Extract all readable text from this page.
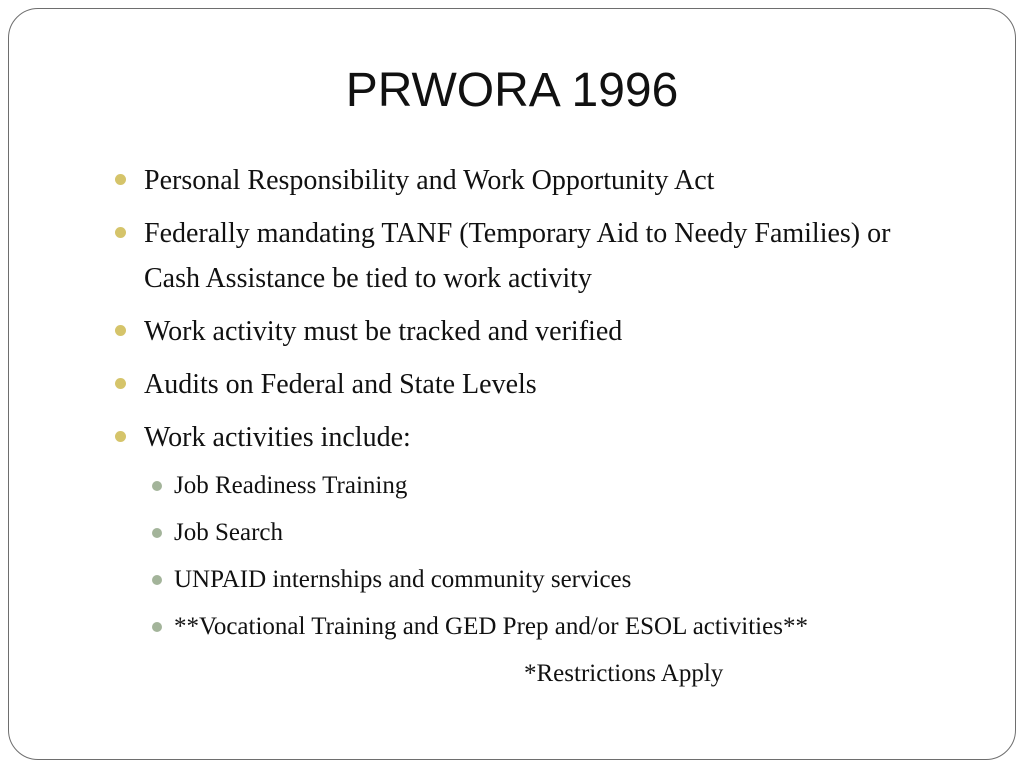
PRWORA 1996
Personal Responsibility and Work Opportunity Act
Federally mandating TANF (Temporary Aid to Needy Families) or Cash Assistance be tied to work activity
Work activity must be tracked and verified
Audits on Federal and State Levels
Work activities include:
Job Readiness Training
Job Search
UNPAID internships and community services
**Vocational Training and GED Prep and/or ESOL activities**
*Restrictions Apply
